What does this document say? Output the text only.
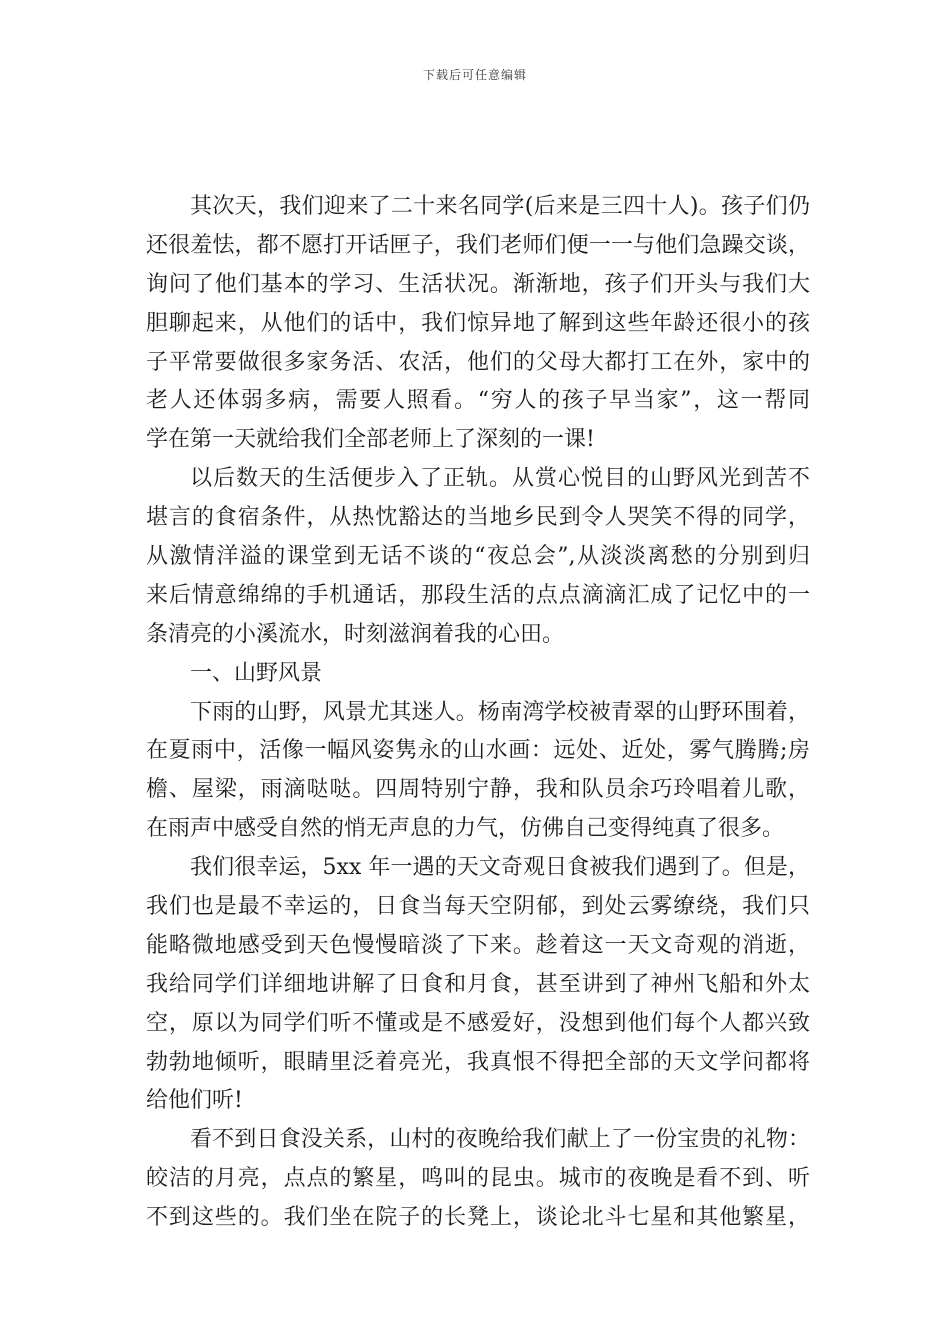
下载后可任意编辑
其次天，我们迎来了二十来名同学(后来是三四十人)。孩子们仍
还很羞怯，都不愿打开话匣子，我们老师们便一一与他们急躁交谈，
询问了他们基本的学习、生活状况。渐渐地，孩子们开头与我们大
胆聊起来，从他们的话中，我们惊异地了解到这些年龄还很小的孩
子平常要做很多家务活、农活，他们的父母大都打工在外，家中的
老人还体弱多病，需要人照看。“穷人的孩子早当家”，这一帮同
学在第一天就给我们全部老师上了深刻的一课!
以后数天的生活便步入了正轨。从赏心悦目的山野风光到苦不
堪言的食宿条件，从热忱豁达的当地乡民到令人哭笑不得的同学，
从激情洋溢的课堂到无话不谈的“夜总会”,从淡淡离愁的分别到归
来后情意绵绵的手机通话，那段生活的点点滴滴汇成了记忆中的一
条清亮的小溪流水，时刻滋润着我的心田。
一、山野风景
下雨的山野，风景尤其迷人。杨南湾学校被青翠的山野环围着，
在夏雨中，活像一幅风姿隽永的山水画：远处、近处，雾气腾腾;房
檐、屋梁，雨滴哒哒。四周特别宁静，我和队员余巧玲唱着儿歌，
在雨声中感受自然的悄无声息的力气，仿佛自己变得纯真了很多。
我们很幸运，5xx 年一遇的天文奇观日食被我们遇到了。但是，
我们也是最不幸运的，日食当每天空阴郁，到处云雾缭绕，我们只
能略微地感受到天色慢慢暗淡了下来。趁着这一天文奇观的消逝，
我给同学们详细地讲解了日食和月食，甚至讲到了神州飞船和外太
空，原以为同学们听不懂或是不感爱好，没想到他们每个人都兴致
勃勃地倾听，眼睛里泛着亮光，我真恨不得把全部的天文学问都将
给他们听!
看不到日食没关系，山村的夜晚给我们献上了一份宝贵的礼物：
皎洁的月亮，点点的繁星，鸣叫的昆虫。城市的夜晚是看不到、听
不到这些的。我们坐在院子的长凳上，谈论北斗七星和其他繁星，
